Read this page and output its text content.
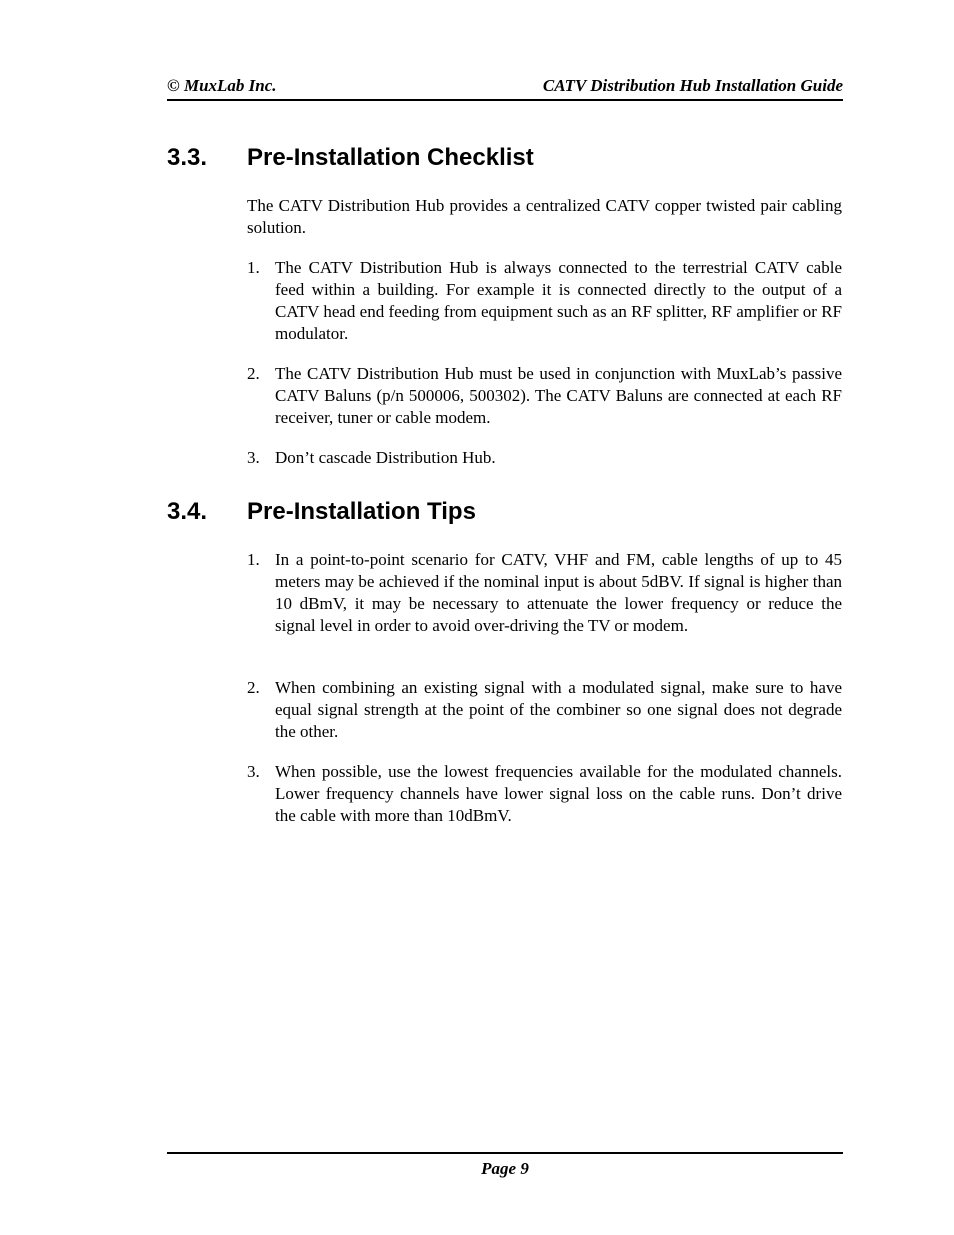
© MuxLab Inc.	CATV Distribution Hub Installation Guide
3.3. Pre-Installation Checklist

The CATV Distribution Hub provides a centralized CATV copper twisted pair cabling solution.

1. The CATV Distribution Hub is always connected to the terrestrial CATV cable feed within a building. For example it is connected directly to the output of a CATV head end feeding from equipment such as an RF splitter, RF amplifier or RF modulator.
2. The CATV Distribution Hub must be used in conjunction with MuxLab’s passive CATV Baluns (p/n 500006, 500302). The CATV Baluns are connected at each RF receiver, tuner or cable modem.
3. Don’t cascade Distribution Hub.
3.4. Pre-Installation Tips
1. In a point-to-point scenario for CATV, VHF and FM, cable lengths of up to 45 meters may be achieved if the nominal input is about 5dBV. If signal is higher than 10 dBmV, it may be necessary to attenuate the lower frequency or reduce the signal level in order to avoid over-driving the TV or modem.
2. When combining an existing signal with a modulated signal, make sure to have equal signal strength at the point of the combiner so one signal does not degrade the other.
3. When possible, use the lowest frequencies available for the modulated channels. Lower frequency channels have lower signal loss on the cable runs. Don’t drive the cable with more than 10dBmV.
Page 9
